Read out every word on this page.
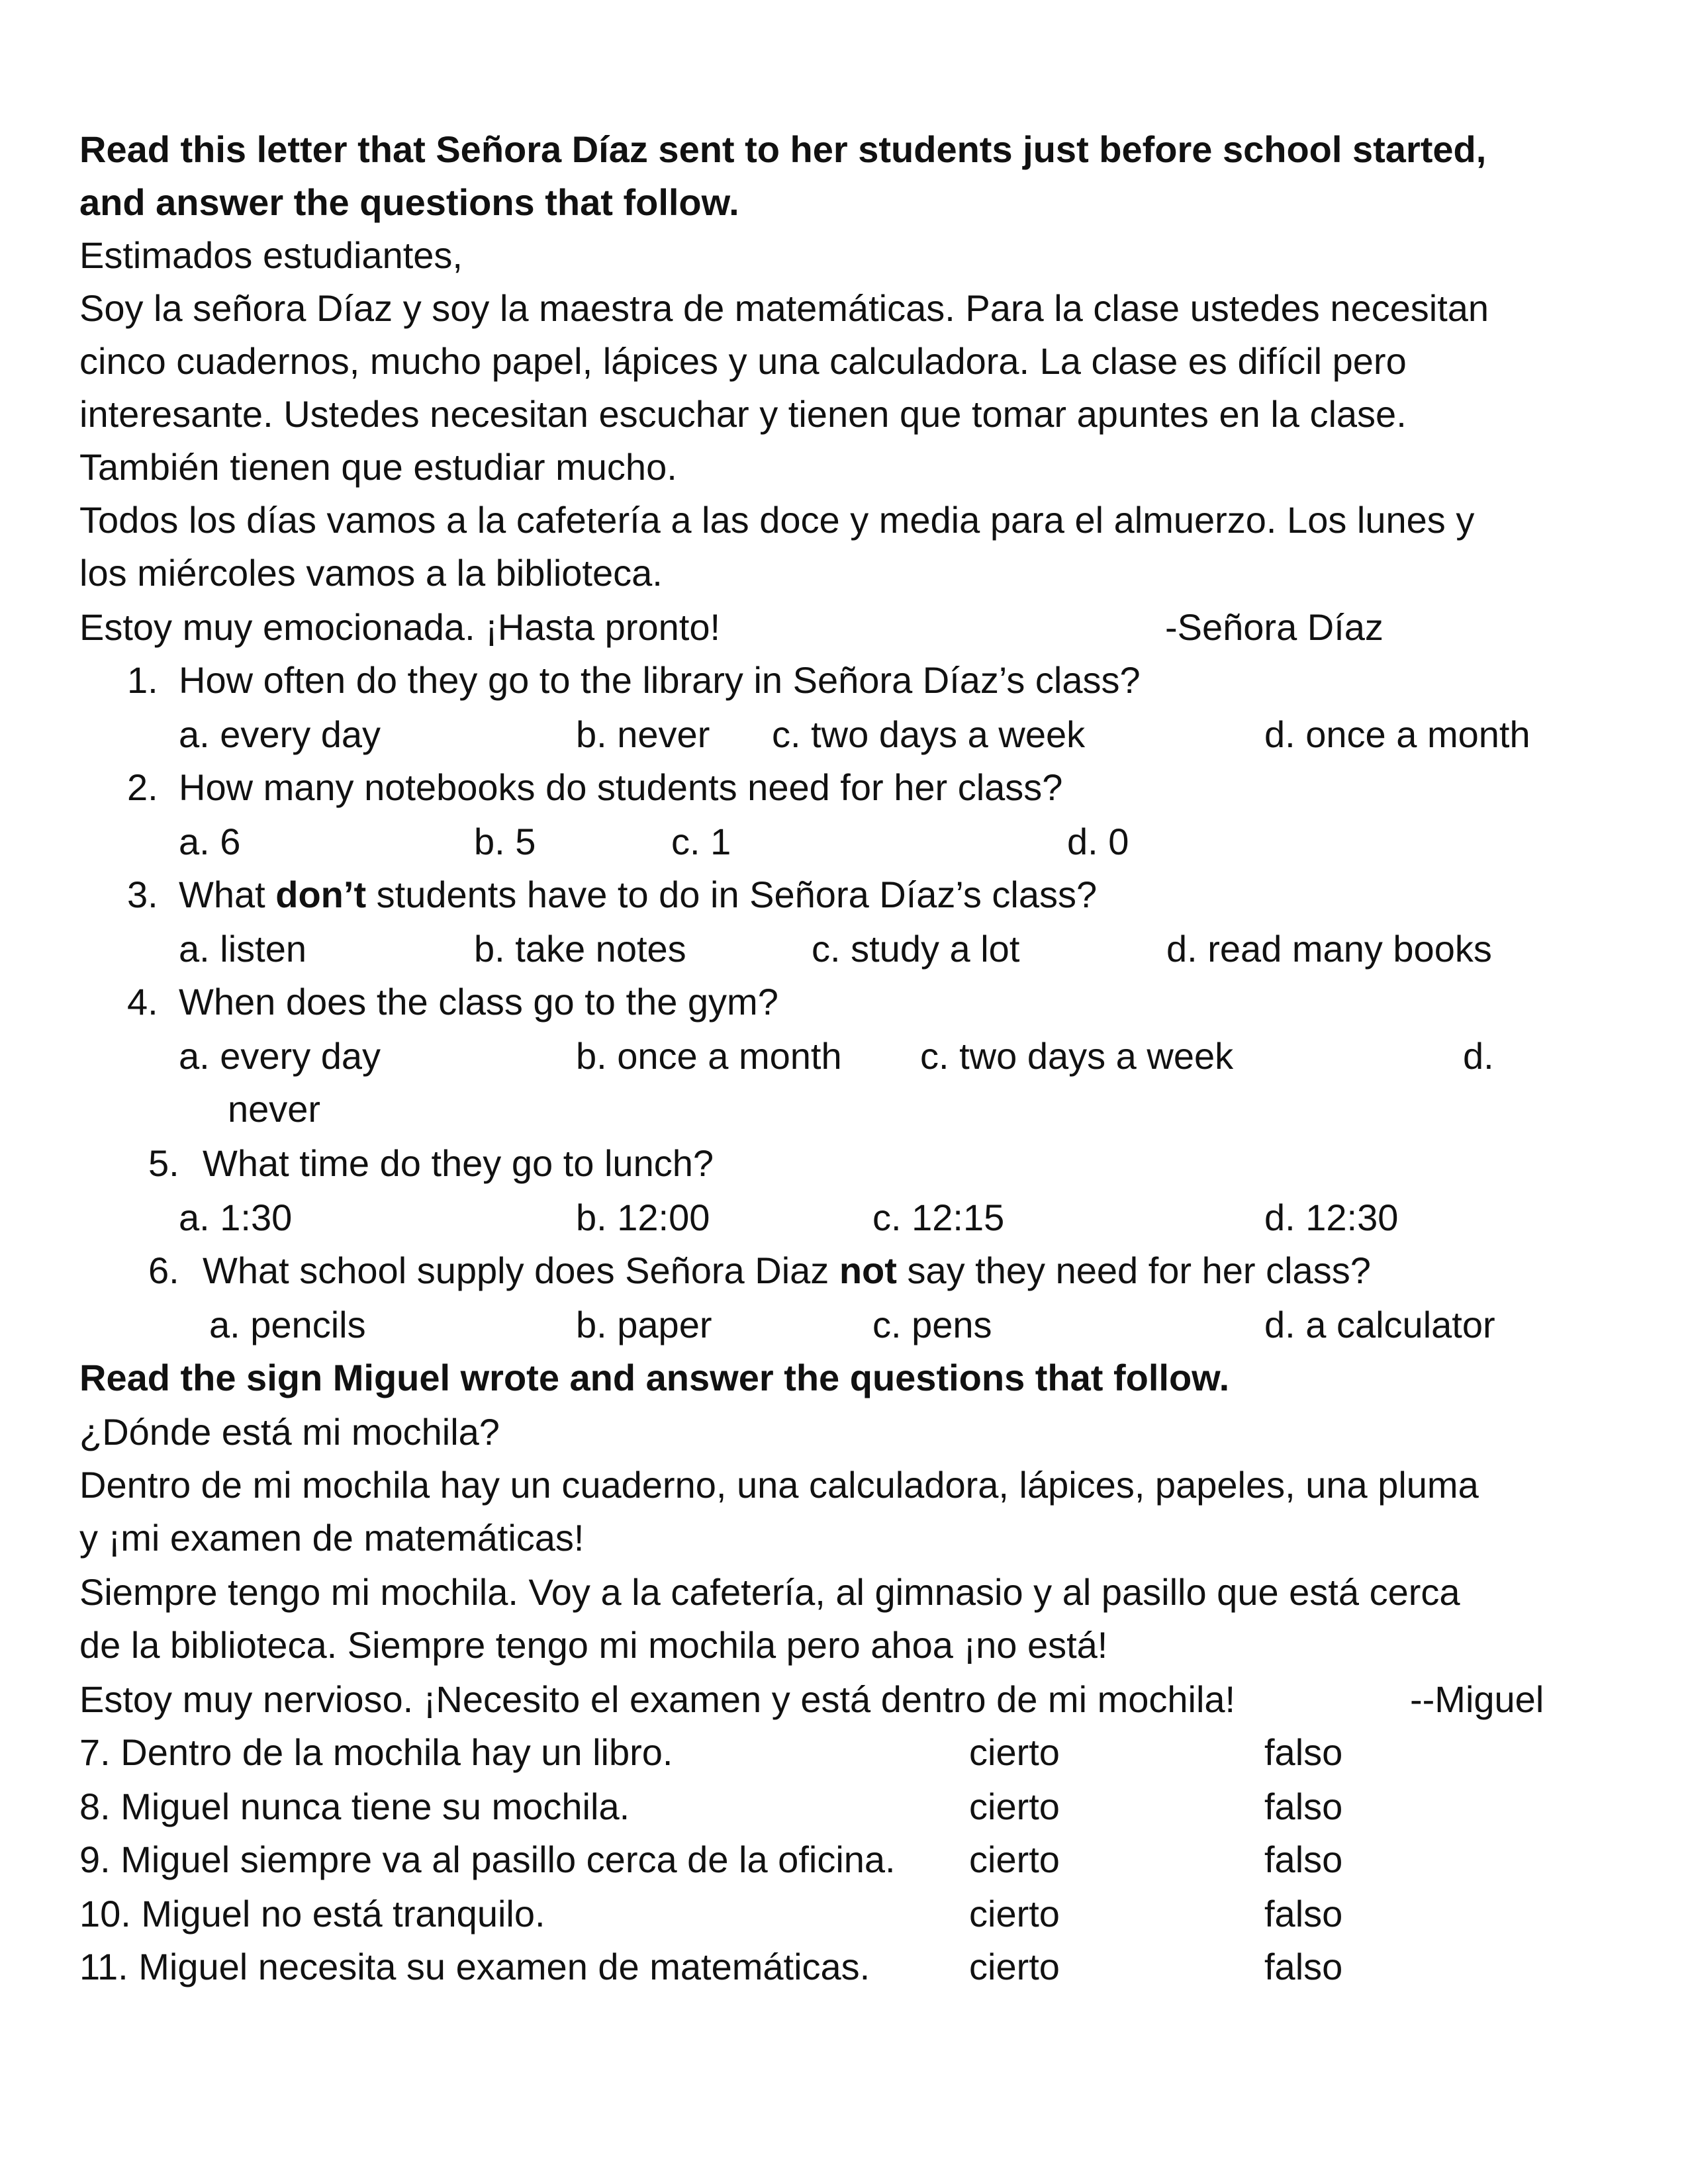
Read this letter that Señora Díaz sent to her students just before school started,
and answer the questions that follow.
Estimados estudiantes,
Soy la señora Díaz y soy la maestra de matemáticas. Para la clase ustedes necesitan
cinco cuadernos, mucho papel, lápices y una calculadora. La clase es difícil pero
interesante. Ustedes necesitan escuchar y tienen que tomar apuntes en la clase.
También tienen que estudiar mucho.
Todos los días vamos a la cafetería a las doce y media para el almuerzo. Los lunes y
los miércoles vamos a la biblioteca.
Estoy muy emocionada. ¡Hasta pronto!	-Señora Díaz
1. How often do they go to the library in Señora Díaz’s class?
a. every day	b. never c. two days a week	d. once a month
2. How many notebooks do students need for her class?
a. 6	b. 5	c. 1	d. 0
3. What don’t students have to do in Señora Díaz’s class?
a. listen	b. take notes	c. study a lot	d. read many books
4. When does the class go to the gym?
a. every day	b. once a month c. two days a week	d.
never
5. What time do they go to lunch?
a. 1:30	b. 12:00	c. 12:15	d. 12:30
6. What school supply does Señora Diaz not say they need for her class?
a. pencils	b. paper	c. pens	d. a calculator
Read the sign Miguel wrote and answer the questions that follow.
¿Dónde está mi mochila?
Dentro de mi mochila hay un cuaderno, una calculadora, lápices, papeles, una pluma
y ¡mi examen de matemáticas!
Siempre tengo mi mochila. Voy a la cafetería, al gimnasio y al pasillo que está cerca
de la biblioteca. Siempre tengo mi mochila pero ahoa ¡no está!
Estoy muy nervioso. ¡Necesito el examen y está dentro de mi mochila!	--Miguel
7. Dentro de la mochila hay un libro.	cierto	falso
8. Miguel nunca tiene su mochila.	cierto	falso
9. Miguel siempre va al pasillo cerca de la oficina. cierto	falso
10. Miguel no está tranquilo.	cierto	falso
11. Miguel necesita su examen de matemáticas.	cierto	falso
